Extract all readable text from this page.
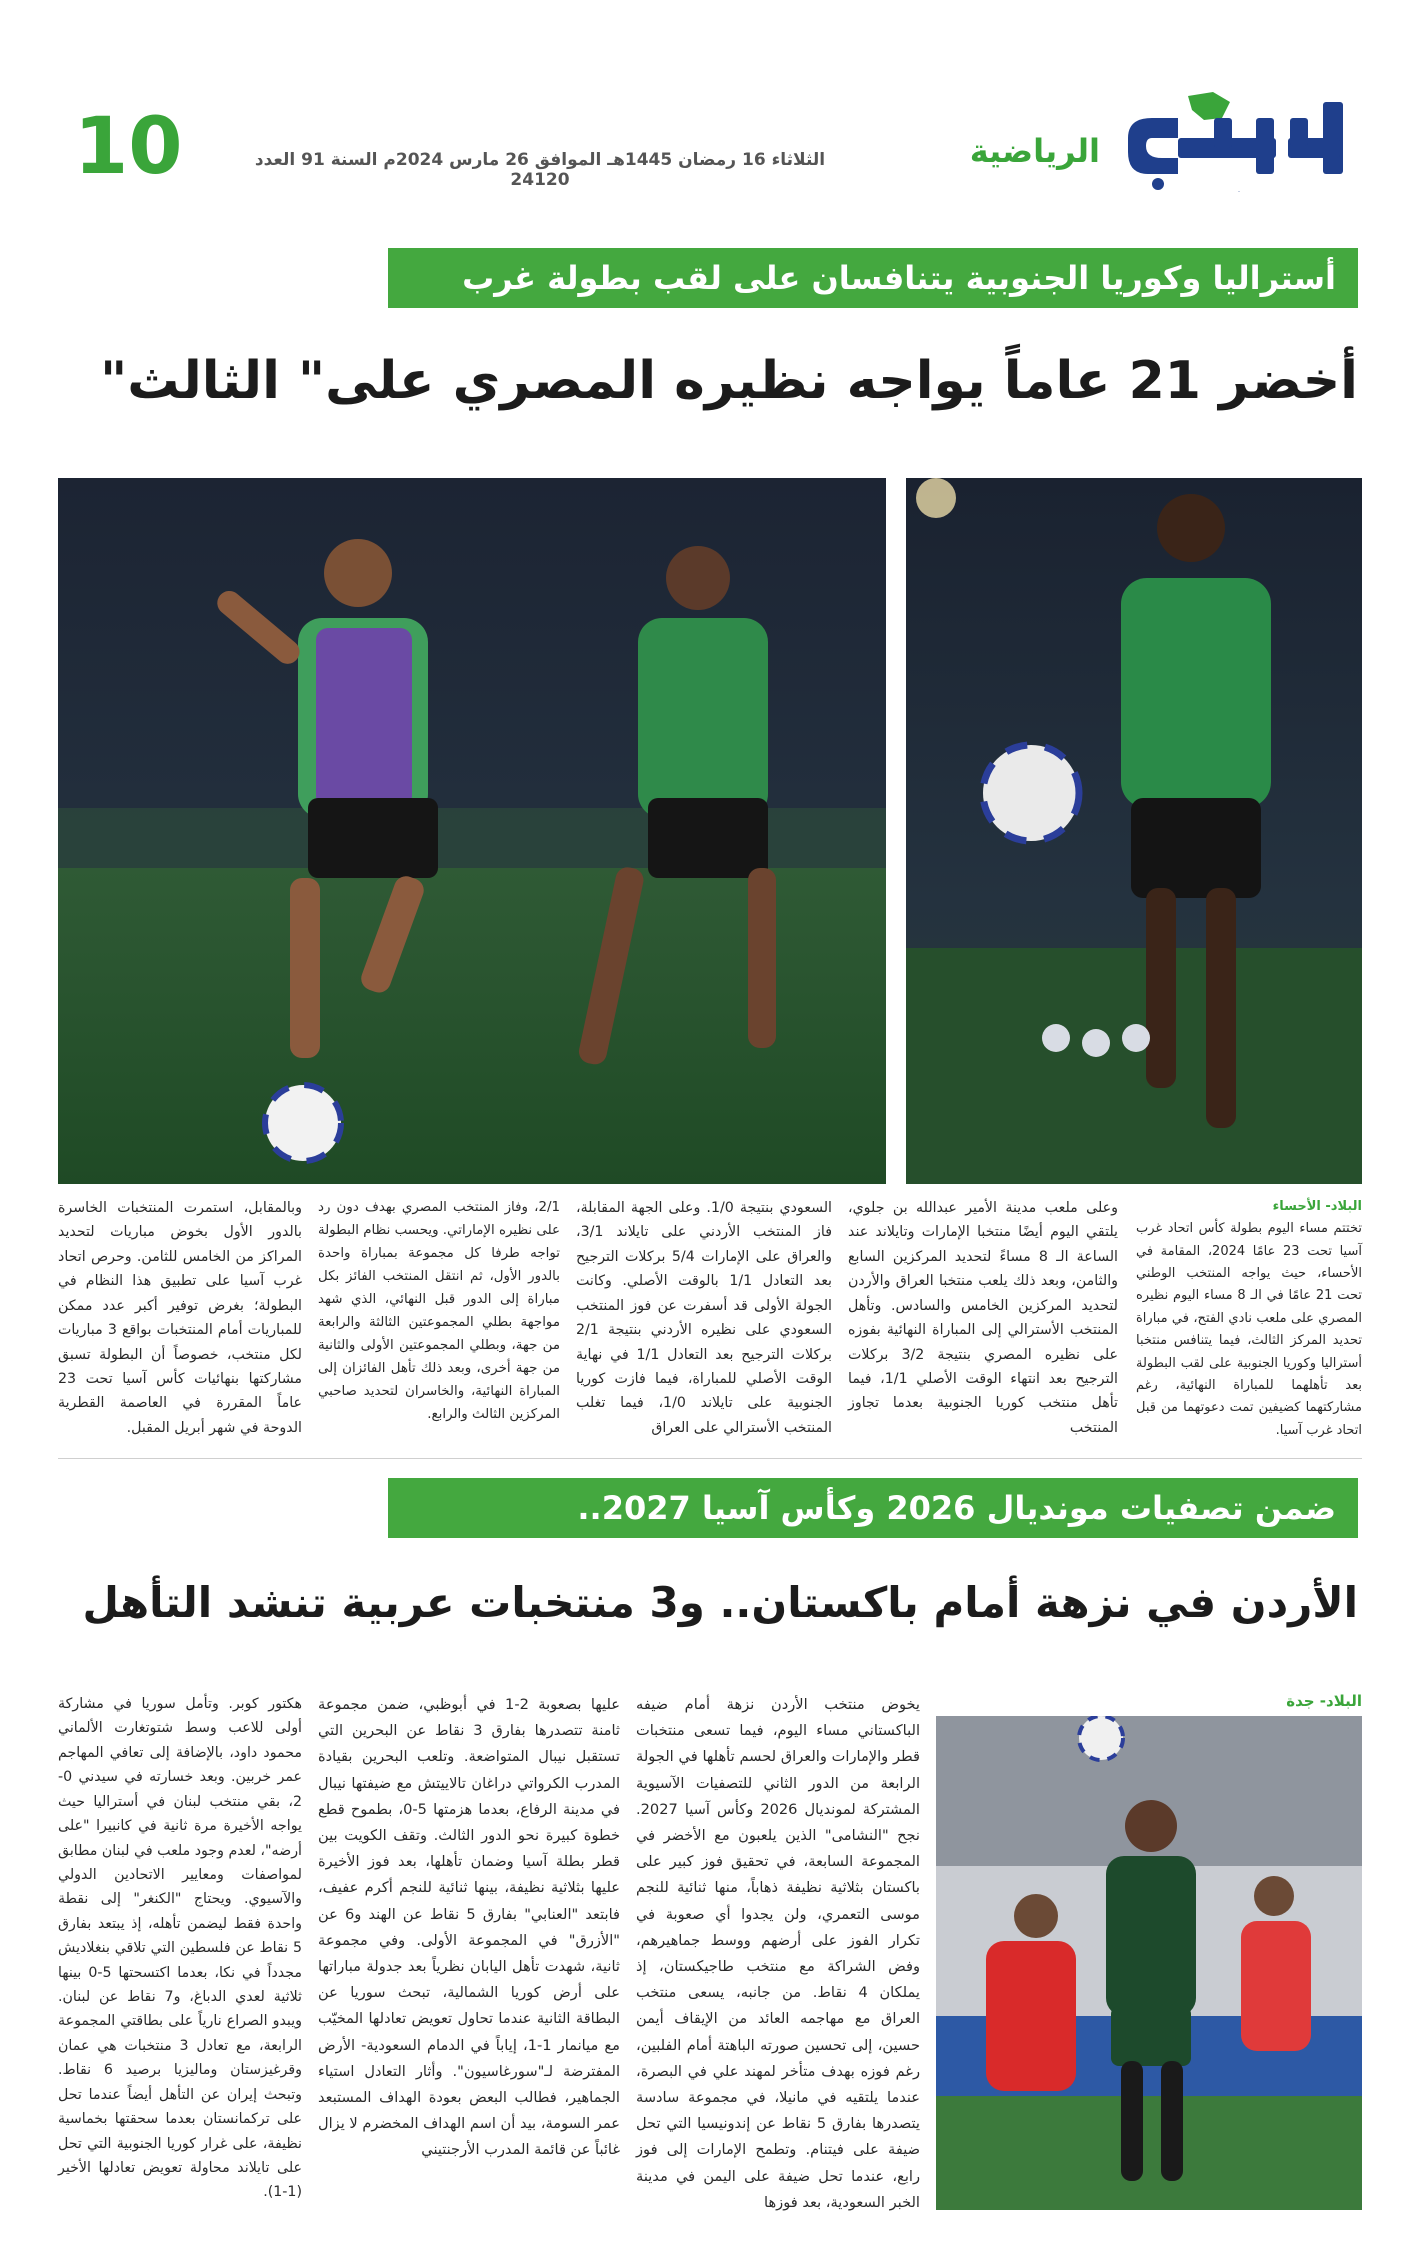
10	الثلاثاء 16 رمضان 1445هـ الموافق 26 مارس 2024م السنة 91 العدد 24120
الرياضية
البلاد
أستراليا وكوريا الجنوبية يتنافسان على لقب بطولة غرب آسيا..
أخضر 21 عاماً يواجه نظيره المصري على" الثالث"
البلاد- الأحساء
تختتم مساء اليوم بطولة كأس اتحاد غرب آسيا تحت 23 عامًا 2024، المقامة في الأحساء، حيث يواجه المنتخب الوطني تحت 21 عامًا في الـ 8 مساء اليوم نظيره المصري على ملعب نادي الفتح، في مباراة تحديد المركز الثالث، فيما يتنافس منتخبا أستراليا وكوريا الجنوبية على لقب البطولة بعد تأهلهما للمباراة النهائية، رغم مشاركتهما كضيفين تمت دعوتهما من قبل اتحاد غرب آسيا.
وعلى ملعب مدينة الأمير عبدالله بن جلوي، يلتقي اليوم أيضًا منتخبا الإمارات وتايلاند عند الساعة الـ 8 مساءً لتحديد المركزين السابع والثامن، وبعد ذلك يلعب منتخبا العراق والأردن لتحديد المركزين الخامس والسادس. وتأهل المنتخب الأسترالي إلى المباراة النهائية بفوزه على نظيره المصري بنتيجة 3/2 بركلات الترجيح بعد انتهاء الوقت الأصلي 1/1، فيما تأهل منتخب كوريا الجنوبية بعدما تجاوز المنتخب
السعودي بنتيجة 1/0. وعلى الجهة المقابلة، فاز المنتخب الأردني على تايلاند 3/1، والعراق على الإمارات 5/4 بركلات الترجيح بعد التعادل 1/1 بالوقت الأصلي. وكانت الجولة الأولى قد أسفرت عن فوز المنتخب السعودي على نظيره الأردني بنتيجة 2/1 بركلات الترجيح بعد التعادل 1/1 في نهاية الوقت الأصلي للمباراة، فيما فازت كوريا الجنوبية على تايلاند 1/0، فيما تغلب المنتخب الأسترالي على العراق
2/1، وفاز المنتخب المصري بهدف دون رد على نظيره الإماراتي. ويحسب نظام البطولة تواجه طرفا كل مجموعة بمباراة واحدة بالدور الأول، ثم انتقل المنتخب الفائز بكل مباراة إلى الدور قبل النهائي، الذي شهد مواجهة بطلي المجموعتين الثالثة والرابعة من جهة، وبطلي المجموعتين الأولى والثانية من جهة أخرى، وبعد ذلك تأهل الفائزان إلى المباراة النهائية، والخاسران لتحديد صاحبي المركزين الثالث والرابع.
وبالمقابل، استمرت المنتخبات الخاسرة بالدور الأول بخوض مباريات لتحديد المراكز من الخامس للثامن. وحرص اتحاد غرب آسيا على تطبيق هذا النظام في البطولة؛ بغرض توفير أكبر عدد ممكن للمباريات أمام المنتخبات بواقع 3 مباريات لكل منتخب، خصوصاً أن البطولة تسبق مشاركتها بنهائيات كأس آسيا تحت 23 عاماً المقررة في العاصمة القطرية الدوحة في شهر أبريل المقبل.
ضمن تصفيات مونديال 2026 وكأس آسيا 2027..
الأردن في نزهة أمام باكستان.. و3 منتخبات عربية تنشد التأهل
البلاد- جدة
يخوض منتخب الأردن نزهة أمام ضيفه الباكستاني مساء اليوم، فيما تسعى منتخبات قطر والإمارات والعراق لحسم تأهلها في الجولة الرابعة من الدور الثاني للتصفيات الآسيوية المشتركة لمونديال 2026 وكأس آسيا 2027. نجح "النشامى" الذين يلعبون مع الأخضر في المجموعة السابعة، في تحقيق فوز كبير على باكستان بثلاثية نظيفة ذهاباً، منها ثنائية للنجم موسى التعمري، ولن يجدوا أي صعوبة في تكرار الفوز على أرضهم ووسط جماهيرهم، وفض الشراكة مع منتخب طاجيكستان، إذ يملكان 4 نقاط. من جانبه، يسعى منتخب العراق مع مهاجمه العائد من الإيقاف أيمن حسين، إلى تحسين صورته الباهتة أمام الفلبين، رغم فوزه بهدف متأخر لمهند علي في البصرة، عندما يلتقيه في مانيلا، في مجموعة سادسة يتصدرها بفارق 5 نقاط عن إندونيسيا التي تحل ضيفة على فيتنام. وتطمح الإمارات إلى فوز رابع، عندما تحل ضيفة على اليمن في مدينة الخبر السعودية، بعد فوزها
عليها بصعوبة 2-1 في أبوظبي، ضمن مجموعة ثامنة تتصدرها بفارق 3 نقاط عن البحرين التي تستقبل نيبال المتواضعة. وتلعب البحرين بقيادة المدرب الكرواتي دراغان تالاييتش مع ضيفتها نيبال في مدينة الرفاع، بعدما هزمتها 5-0، بطموح قطع خطوة كبيرة نحو الدور الثالث. وتقف الكويت بين قطر بطلة آسيا وضمان تأهلها، بعد فوز الأخيرة عليها بثلاثية نظيفة، بينها ثنائية للنجم أكرم عفيف، فابتعد "العنابي" بفارق 5 نقاط عن الهند و6 عن "الأزرق" في المجموعة الأولى. وفي مجموعة ثانية، شهدت تأهل اليابان نظرياً بعد جدولة مباراتها على أرض كوريا الشمالية، تبحث سوريا عن البطاقة الثانية عندما تحاول تعويض تعادلها المخيّب مع ميانمار 1-1، إياباً في الدمام السعودية- الأرض المفترضة لـ"سورغاسيون". وأثار التعادل استياء الجماهير، فطالب البعض بعودة الهداف المستبعد عمر السومة، بيد أن اسم الهداف المخضرم لا يزال غائباً عن قائمة المدرب الأرجنتيني
هكتور كوبر. وتأمل سوريا في مشاركة أولى للاعب وسط شتوتغارت الألماني محمود داود، بالإضافة إلى تعافي المهاجم عمر خربين. وبعد خسارته في سيدني 0-2، بقي منتخب لبنان في أستراليا حيث يواجه الأخيرة مرة ثانية في كانبيرا "على أرضه"، لعدم وجود ملعب في لبنان مطابق لمواصفات ومعايير الاتحادين الدولي والآسيوي. ويحتاج "الكنغر" إلى نقطة واحدة فقط ليضمن تأهله، إذ يبتعد بفارق 5 نقاط عن فلسطين التي تلاقي بنغلاديش مجدداً في نكا، بعدما اكتسحتها 5-0 بينها ثلاثية لعدي الدباغ، و7 نقاط عن لبنان. ويبدو الصراع نارياً على بطاقتي المجموعة الرابعة، مع تعادل 3 منتخبات هي عمان وقرغيزستان وماليزيا برصيد 6 نقاط. وتبحث إيران عن التأهل أيضاً عندما تحل على تركمانستان بعدما سحقتها بخماسية نظيفة، على غرار كوريا الجنوبية التي تحل على تايلاند محاولة تعويض تعادلها الأخير (1-1).
